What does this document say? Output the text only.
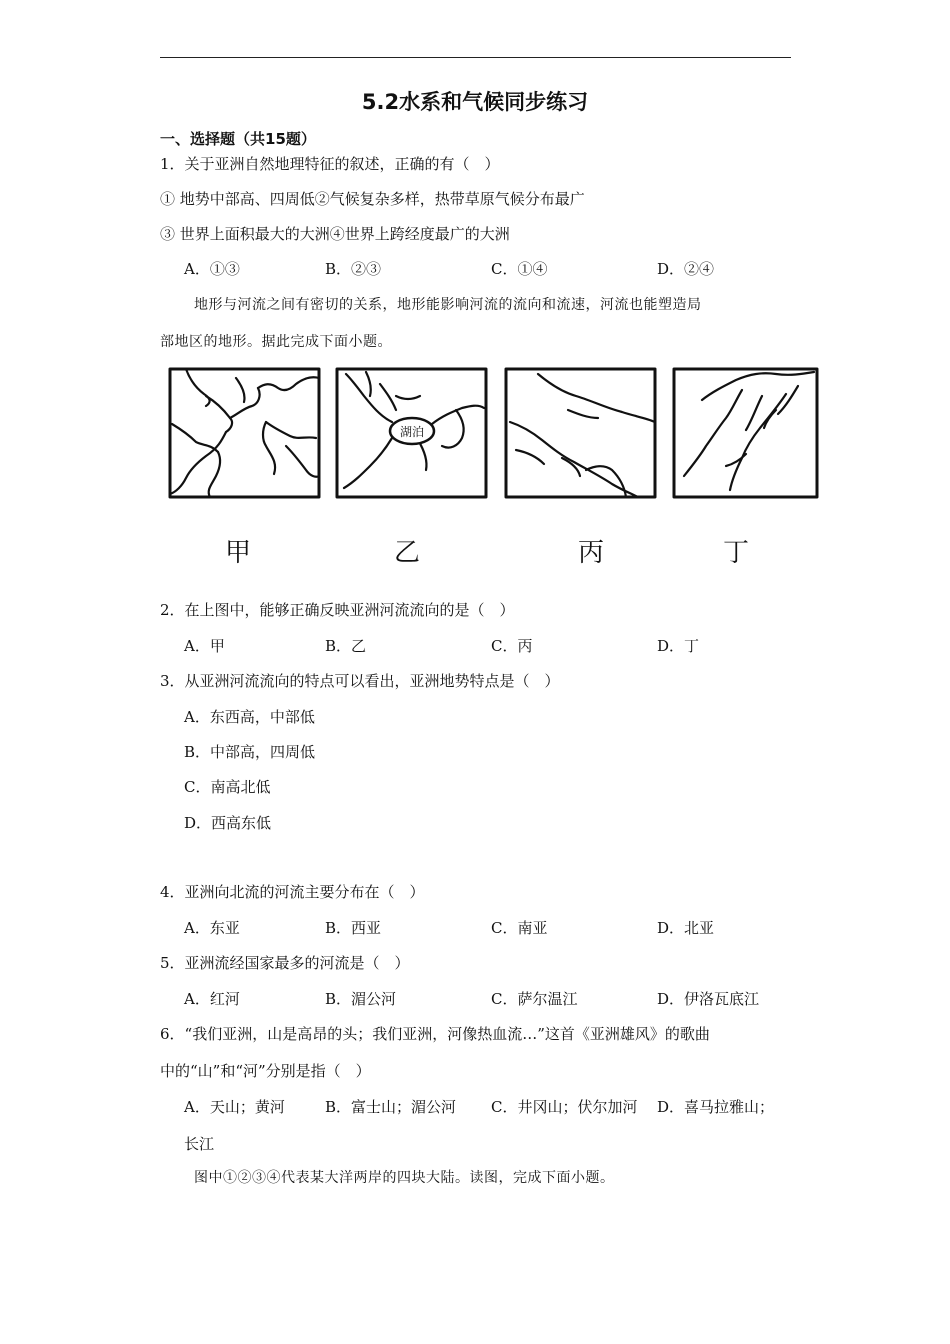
5.2水系和气候同步练习
一、选择题（共15题）
1．关于亚洲自然地理特征的叙述，正确的有（　）
① 地势中部高、四周低②气候复杂多样，热带草原气候分布最广
③ 世界上面积最大的大洲④世界上跨经度最广的大洲
A．①③	B．②③	C．①④	D．②④
地形与河流之间有密切的关系，地形能影响河流的流向和流速，河流也能塑造局
部地区的地形。据此完成下面小题。
湖泊
甲	乙	丙	丁
2．在上图中，能够正确反映亚洲河流流向的是（　）
A．甲	B．乙	C．丙	D．丁
3．从亚洲河流流向的特点可以看出，亚洲地势特点是（　）
A．东西高，中部低
B．中部高，四周低
C．南高北低
D．西高东低
4．亚洲向北流的河流主要分布在（　）
A．东亚	B．西亚	C．南亚	D．北亚
5．亚洲流经国家最多的河流是（　）
A．红河	B．湄公河	C．萨尔温江	D．伊洛瓦底江
6．“我们亚洲，山是高昂的头；我们亚洲，河像热血流…”这首《亚洲雄风》的歌曲
中的“山”和“河”分别是指（　）
A．天山；黄河	B．富士山；湄公河 C．井冈山；伏尔加河 D．喜马拉雅山；
长江
图中①②③④代表某大洋两岸的四块大陆。读图，完成下面小题。
